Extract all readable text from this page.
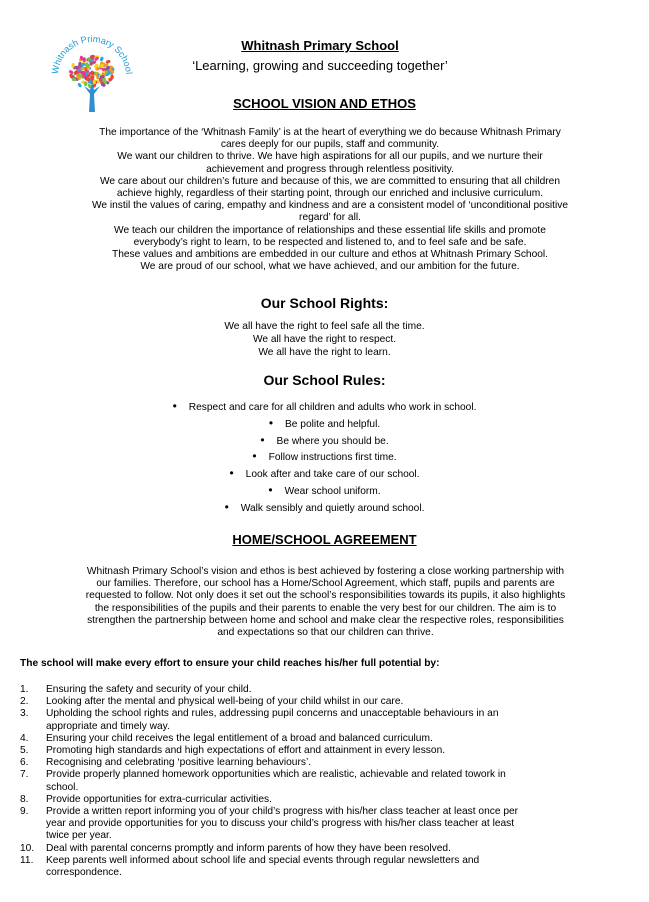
Whitnash Primary School
Whitnash Primary School
‘Learning, growing and succeeding together’
SCHOOL VISION AND ETHOS

The importance of the ‘Whitnash Family’ is at the heart of everything we do because Whitnash Primary

cares deeply for our pupils, staff and community.

We want our children to thrive. We have high aspirations for all our pupils, and we nurture their

achievement and progress through relentless positivity.

We care about our children’s future and because of this, we are committed to ensuring that all children

achieve highly, regardless of their starting point, through our enriched and inclusive curriculum.

We instil the values of caring, empathy and kindness and are a consistent model of ‘unconditional positive

regard’ for all.

We teach our children the importance of relationships and these essential life skills and promote

everybody’s right to learn, to be respected and listened to, and to feel safe and be safe.

These values and ambitions are embedded in our culture and ethos at Whitnash Primary School.

We are proud of our school, what we have achieved, and our ambition for the future.

Our School Rights:

We all have the right to feel safe all the time.

We all have the right to respect.

We all have the right to learn.

Our School Rules:
• Respect and care for all children and adults who work in school.
• Be polite and helpful.
• Be where you should be.
• Follow instructions first time.
• Look after and take care of our school.
• Wear school uniform.
• Walk sensibly and quietly around school.
HOME/SCHOOL AGREEMENT

Whitnash Primary School’s vision and ethos is best achieved by fostering a close working partnership with

our families. Therefore, our school has a Home/School Agreement, which staff, pupils and parents are

requested to follow. Not only does it set out the school’s responsibilities towards its pupils, it also highlights

the responsibilities of the pupils and their parents to enable the very best for our children. The aim is to

strengthen the partnership between home and school and make clear the respective roles, responsibilities

and expectations so that our children can thrive.

The school will make every effort to ensure your child reaches his/her full potential by:
1. Ensuring the safety and security of your child.
2. Looking after the mental and physical well-being of your child whilst in our care.
3. Upholding the school rights and rules, addressing pupil concerns and unacceptable behaviours in an
appropriate and timely way.
4. Ensuring your child receives the legal entitlement of a broad and balanced curriculum.
5. Promoting high standards and high expectations of effort and attainment in every lesson.
6. Recognising and celebrating ‘positive learning behaviours’.
7. Provide properly planned homework opportunities which are realistic, achievable and related towork in
school.
8. Provide opportunities for extra-curricular activities.
9. Provide a written report informing you of your child’s progress with his/her class teacher at least once per
year and provide opportunities for you to discuss your child’s progress with his/her class teacher at least
twice per year.
10. Deal with parental concerns promptly and inform parents of how they have been resolved.
11. Keep parents well informed about school life and special events through regular newsletters and
correspondence.
